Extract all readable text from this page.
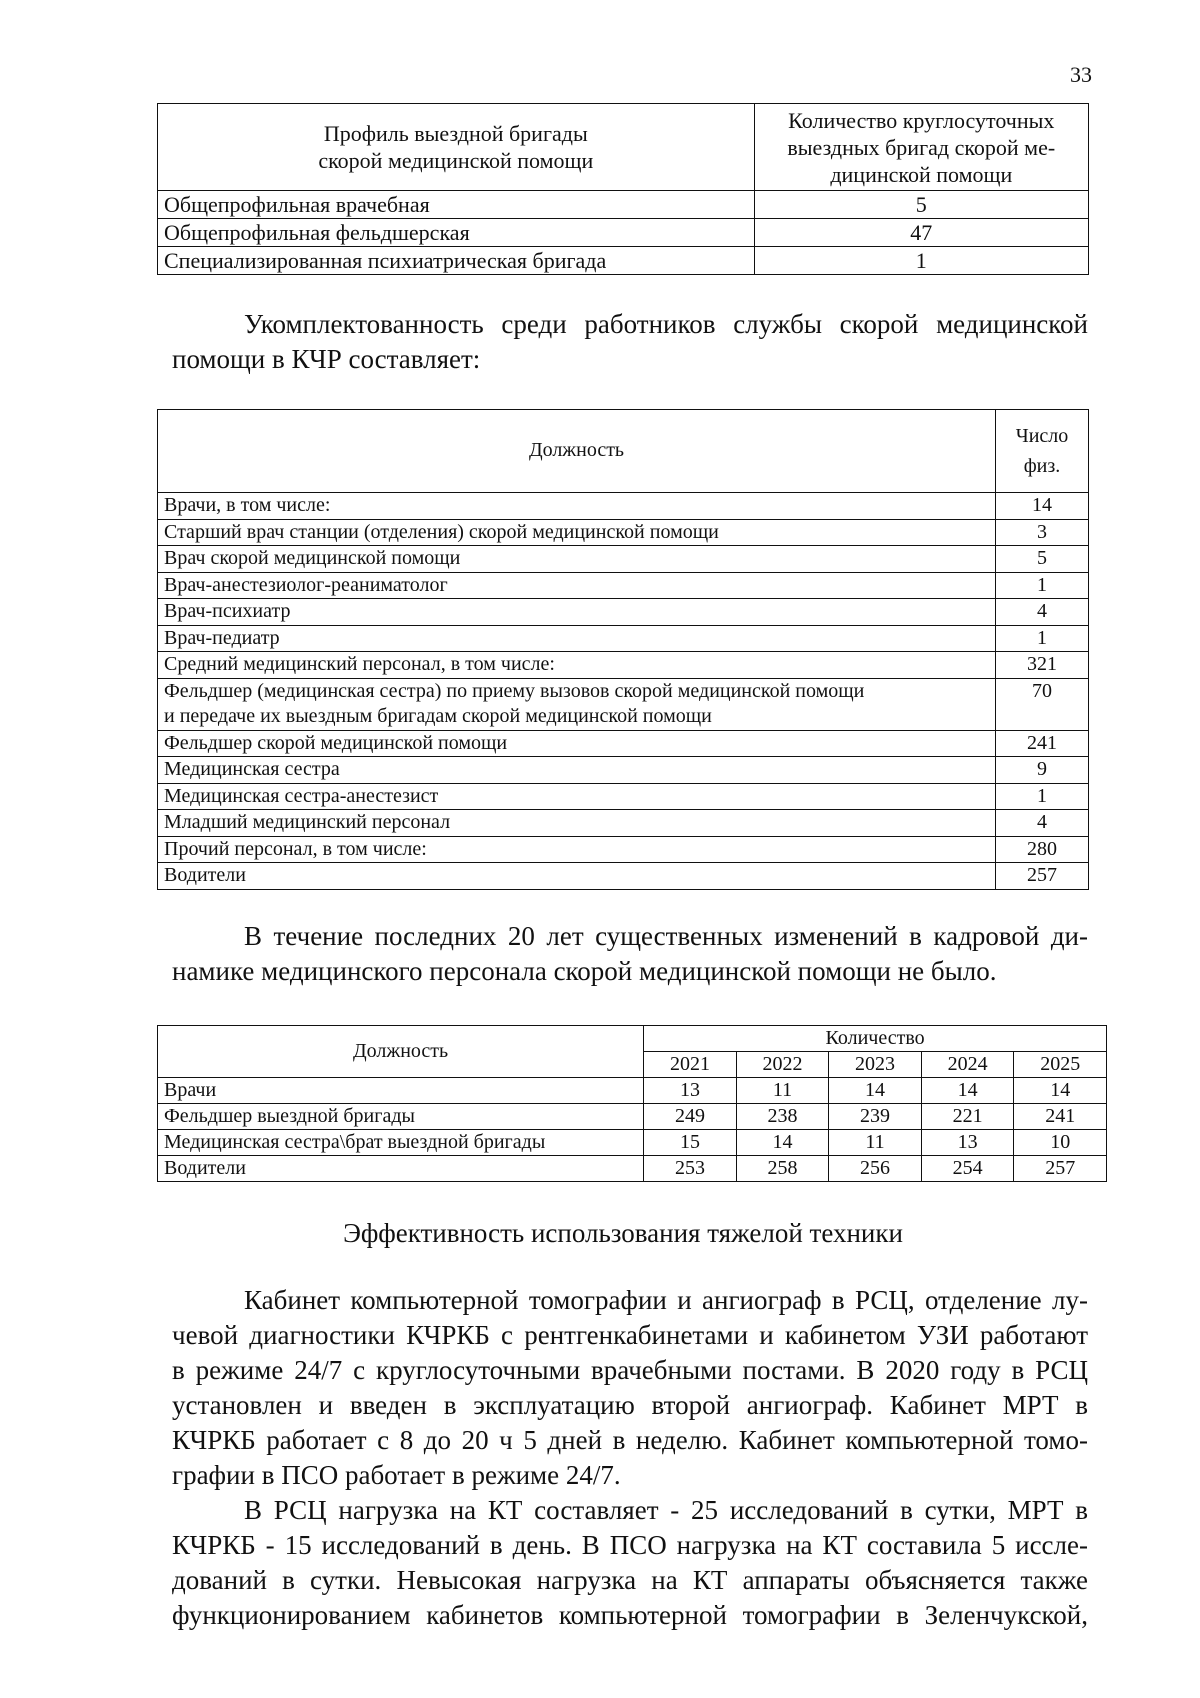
33
Профиль выездной бригады
скорой медицинской помощи	Количество круглосуточных
выездных бригад скорой ме-
дицинской помощи
Общепрофильная врачебная	5
Общепрофильная фельдшерская	47
Специализированная психиатрическая бригада	1
Укомплектованность среди работников службы скорой медицинской
помощи в КЧР составляет:
Должность	Число
физ.
Врачи, в том числе:	14
Старший врач станции (отделения) скорой медицинской помощи	3
Врач скорой медицинской помощи	5
Врач-анестезиолог-реаниматолог	1
Врач-психиатр	4
Врач-педиатр	1
Средний медицинский персонал, в том числе:	321
Фельдшер (медицинская сестра) по приему вызовов скорой медицинской помощи
и передаче их выездным бригадам скорой медицинской помощи	70
Фельдшер скорой медицинской помощи	241
Медицинская сестра	9
Медицинская сестра-анестезист	1
Младший медицинский персонал	4
Прочий персонал, в том числе:	280
Водители	257
В течение последних 20 лет существенных изменений в кадровой ди-
намике медицинского персонала скорой медицинской помощи не было.
Должность	Количество				
	2021	2022	2023	2024	2025
Врачи	13	11	14	14	14
Фельдшер выездной бригады	249	238	239	221	241
Медицинская сестра\брат выездной бригады	15	14	11	13	10
Водители	253	258	256	254	257
Эффективность использования тяжелой техники
Кабинет компьютерной томографии и ангиограф в РСЦ, отделение лу-
чевой диагностики КЧРКБ с рентгенкабинетами и кабинетом УЗИ работают
в режиме 24/7 с круглосуточными врачебными постами. В 2020 году в РСЦ
установлен и введен в эксплуатацию второй ангиограф. Кабинет МРТ в
КЧРКБ работает с 8 до 20 ч 5 дней в неделю. Кабинет компьютерной томо-
графии в ПСО работает в режиме 24/7.
В РСЦ нагрузка на КТ составляет - 25 исследований в сутки, МРТ в
КЧРКБ - 15 исследований в день. В ПСО нагрузка на КТ составила 5 иссле-
дований в сутки. Невысокая нагрузка на КТ аппараты объясняется также
функционированием кабинетов компьютерной томографии в Зеленчукской,
